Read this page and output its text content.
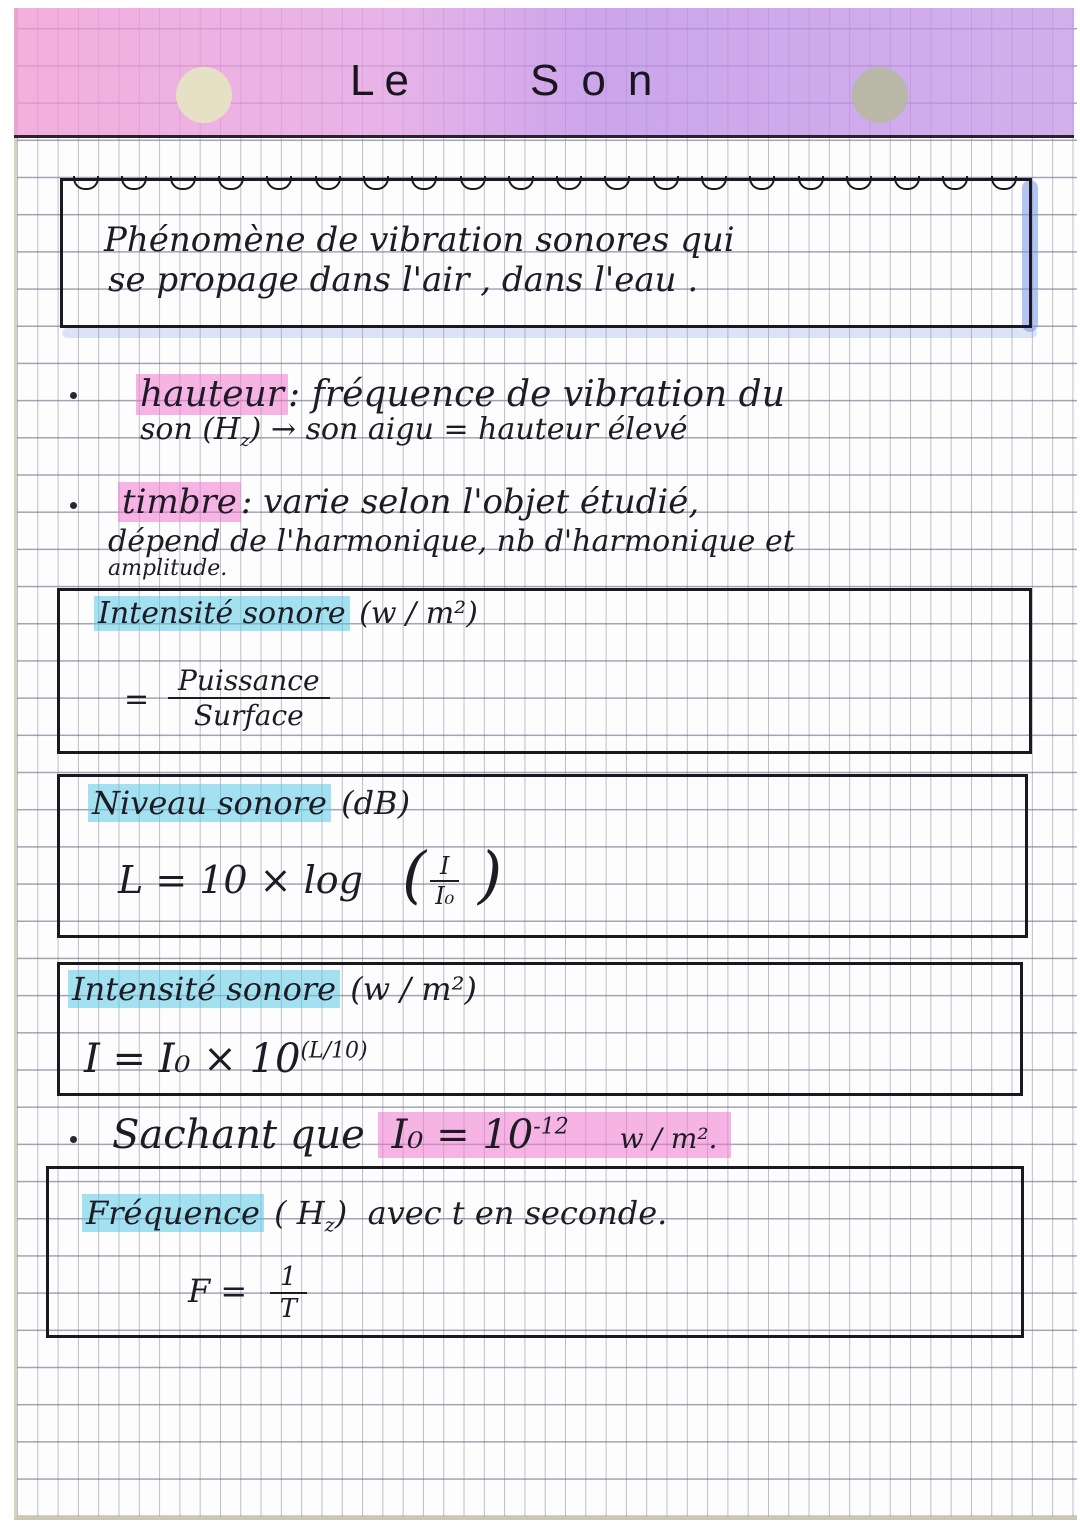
Le	Son
Phénomène de vibration sonores qui
se propage dans l'air , dans l'eau .
hauteur : fréquence de vibration du
son $(H_z)$ → son aigu = hauteur élevé
timbre : varie selon l'objet étudié,
dépend de l'harmonique, nb d'harmonique et
amplitude.
Intensité sonore (w / m²)
=
Puissance
Surface
Niveau sonore (dB)
L = 10 × log ( $\frac{I}{\text{I₀}}$ )
Intensité sonore (w / m²)
$I = I_0 \times 10^{(L/10)}$
Sachant que $I_0 = 10^{-12}$ w / m².
Fréquence ( $H_z$) avec t en seconde.
$F = \frac{1}{T}$
